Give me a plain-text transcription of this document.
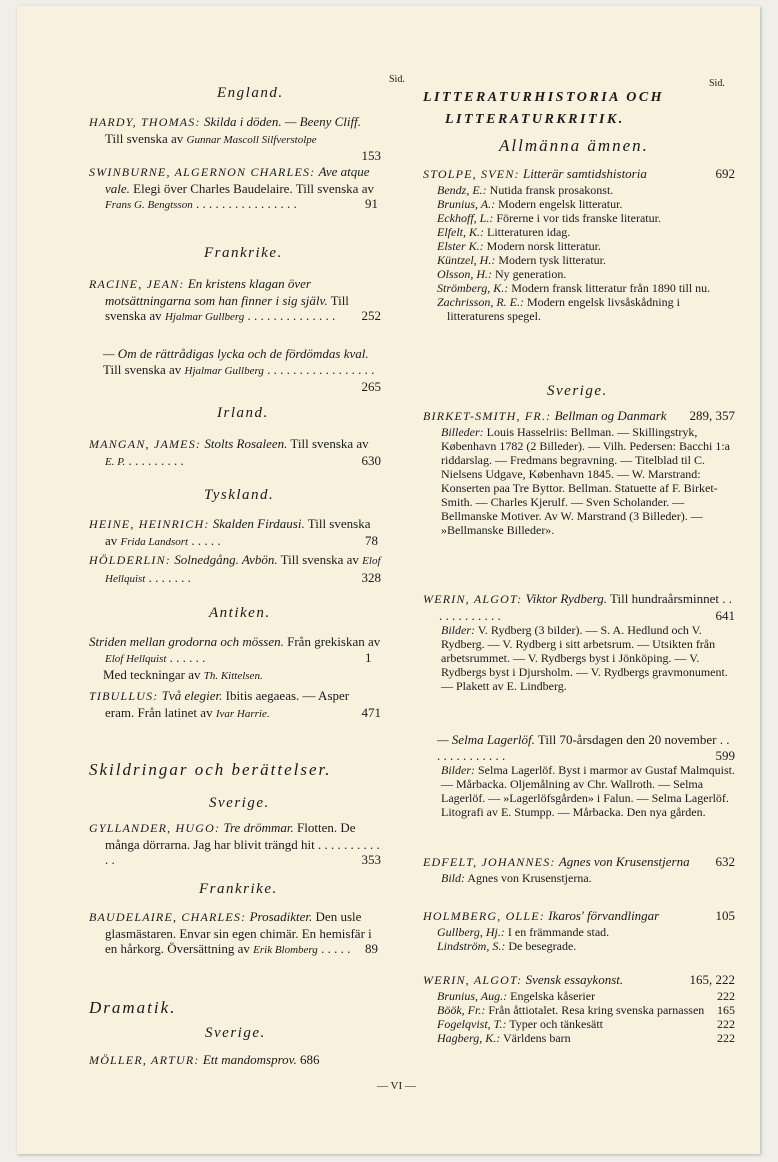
Sid.
England.
HARDY, THOMAS: Skilda i döden. — Beeny Cliff. Till svenska av Gunnar Mascoll Silfverstolpe
153
SWINBURNE, ALGERNON CHARLES: Ave atque vale. Elegi över Charles Baudelaire. Till svenska av Frans G. Bengtsson . . . . . . . . . . . . . . . .	91
Frankrike.
RACINE, JEAN: En kristens klagan över motsättningarna som han finner i sig själv. Till svenska av Hjalmar Gullberg . . . . . . . . . . . . . . 252
— Om de rättrådigas lycka och de fördömdas kval. Till svenska av Hjalmar Gullberg . . . . . . . . . . . . . . . . .
265
Irland.
MANGAN, JAMES: Stolts Rosaleen. Till svenska av E. P. . . . . . . . . .	630
Tyskland.
HEINE, HEINRICH: Skalden Firdausi. Till svenska av Frida Landsort . . . . .	78
HÖLDERLIN: Solnedgång. Avbön. Till svenska av Elof Hellquist . . . . . . .	328
Antiken.
Striden mellan grodorna och mössen. Från grekiskan av Elof Hellquist . . . . . .	1
Med teckningar av Th. Kittelsen.
TIBULLUS: Två elegier. Ibitis aegaeas. — Asper eram. Från latinet av Ivar Harrie.	471
Skildringar och berättelser.
Sverige.
GYLLANDER, HUGO: Tre drömmar. Flotten. De många dörrarna. Jag har blivit trängd hit . . . . . . . . . . . .	353
Frankrike.
BAUDELAIRE, CHARLES: Prosadikter. Den usle glasmästaren. Envar sin egen chimär. En hemisfär i en hårkorg. Översättning av Erik Blomberg . . . . . 89
Dramatik.
Sverige.
MÖLLER, ARTUR: Ett mandomsprov. 686
Sid.
LITTERATURHISTORIA OCH
LITTERATURKRITIK.
Allmänna ämnen.
STOLPE, SVEN: Litterär samtidshistoria	692
Bendz, E.: Nutida fransk prosakonst.
Brunius, A.: Modern engelsk litteratur.
Eckhoff, L.: Förerne i vor tids franske literatur.
Elfelt, K.: Litteraturen idag.
Elster K.: Modern norsk litteratur.
Küntzel, H.: Modern tysk litteratur.
Olsson, H.: Ny generation.
Strömberg, K.: Modern fransk litteratur från 1890 till nu.
Zachrisson, R. E.: Modern engelsk livsåskådning i litteraturens spegel.
Sverige.
BIRKET-SMITH, FR.: Bellman og Danmark 289, 357
Billeder: Louis Hasselriis: Bellman. — Skillingstryk, København 1782 (2 Billeder). — Vilh. Pedersen: Bacchi 1:a riddarslag. — Fredmans begravning. — Titelblad til C. Nielsens Udgave, København 1845. — W. Marstrand: Konserten paa Tre Byttor. Bellman. Statuette af F. Birket-Smith. — Charles Kjerulf. — Sven Scholander. — Bellmanske Motiver. Av W. Marstrand (3 Billeder). — »Bellmanske Billeder».
WERIN, ALGOT: Viktor Rydberg. Till hundraårsminnet . . . . . . . . . . . .	641
Bilder: V. Rydberg (3 bilder). — S. A. Hedlund och V. Rydberg. — V. Rydberg i sitt arbetsrum. — Utsikten från arbetsrummet. — V. Rydbergs byst i Jönköping. — V. Rydbergs byst i Djursholm. — V. Rydbergs gravmonument. — Plakett av E. Lindberg.
— Selma Lagerlöf. Till 70-årsdagen den 20 november . . . . . . . . . . . . .	599
Bilder: Selma Lagerlöf. Byst i marmor av Gustaf Malmquist. — Mårbacka. Oljemålning av Chr. Wallroth. — Selma Lagerlöf. — »Lagerlöfsgården» i Falun. — Selma Lagerlöf. Litografi av E. Stumpp. — Mårbacka. Den nya gården.
EDFELT, JOHANNES: Agnes von Krusenstjerna 632
Bild: Agnes von Krusenstjerna.
HOLMBERG, OLLE: Ikaros' förvandlingar	105
Gullberg, Hj.: I en främmande stad.
Lindström, S.: De besegrade.
WERIN, ALGOT: Svensk essaykonst.	165, 222
Brunius, Aug.: Engelska kåserier	222
Böök, Fr.: Från åttiotalet. Resa kring svenska parnassen 165
Fogelqvist, T.: Typer och tänkesätt	222
Hagberg, K.: Världens barn	222
— VI —
